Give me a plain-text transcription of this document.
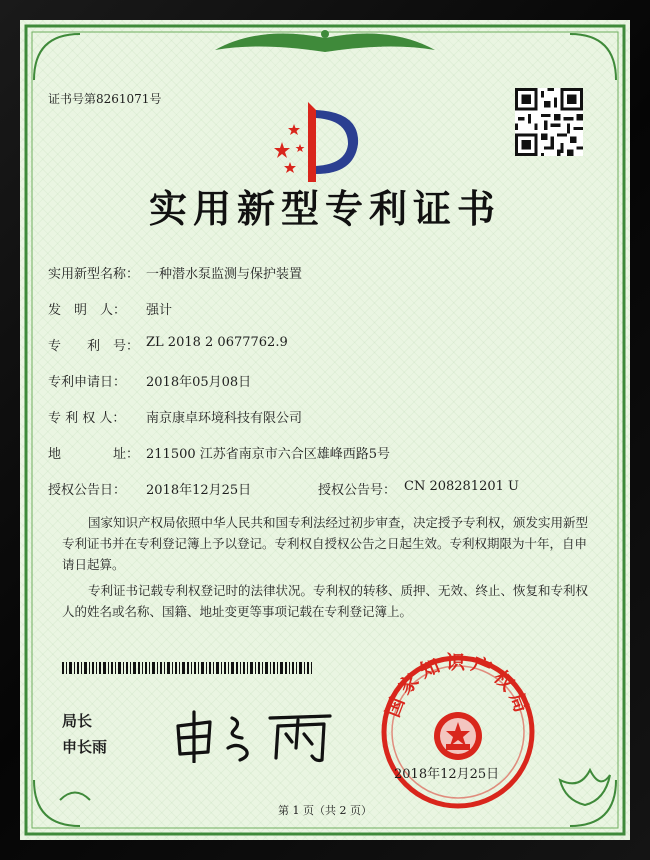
证书号第8261071号
实用新型专利证书
实用新型名称： 一种潜水泵监测与保护装置
发　明　人： 强计
专　　利　号： ZL 2018 2 0677762.9
专利申请日： 2018年05月08日
专 利 权 人： 南京康卓环境科技有限公司
地　　　　址： 211500 江苏省南京市六合区雄峰西路5号
授权公告日： 2018年12月25日	授权公告号： CN 208281201 U
国家知识产权局依照中华人民共和国专利法经过初步审查，决定授予专利权，颁发实用新型专利证书并在专利登记簿上予以登记。专利权自授权公告之日起生效。专利权期限为十年，自申请日起算。
专利证书记载专利权登记时的法律状况。专利权的转移、质押、无效、终止、恢复和专利权人的姓名或名称、国籍、地址变更等事项记载在专利登记簿上。
局长
申长雨
国家知识产权局
2018年12月25日
第 1 页（共 2 页）
